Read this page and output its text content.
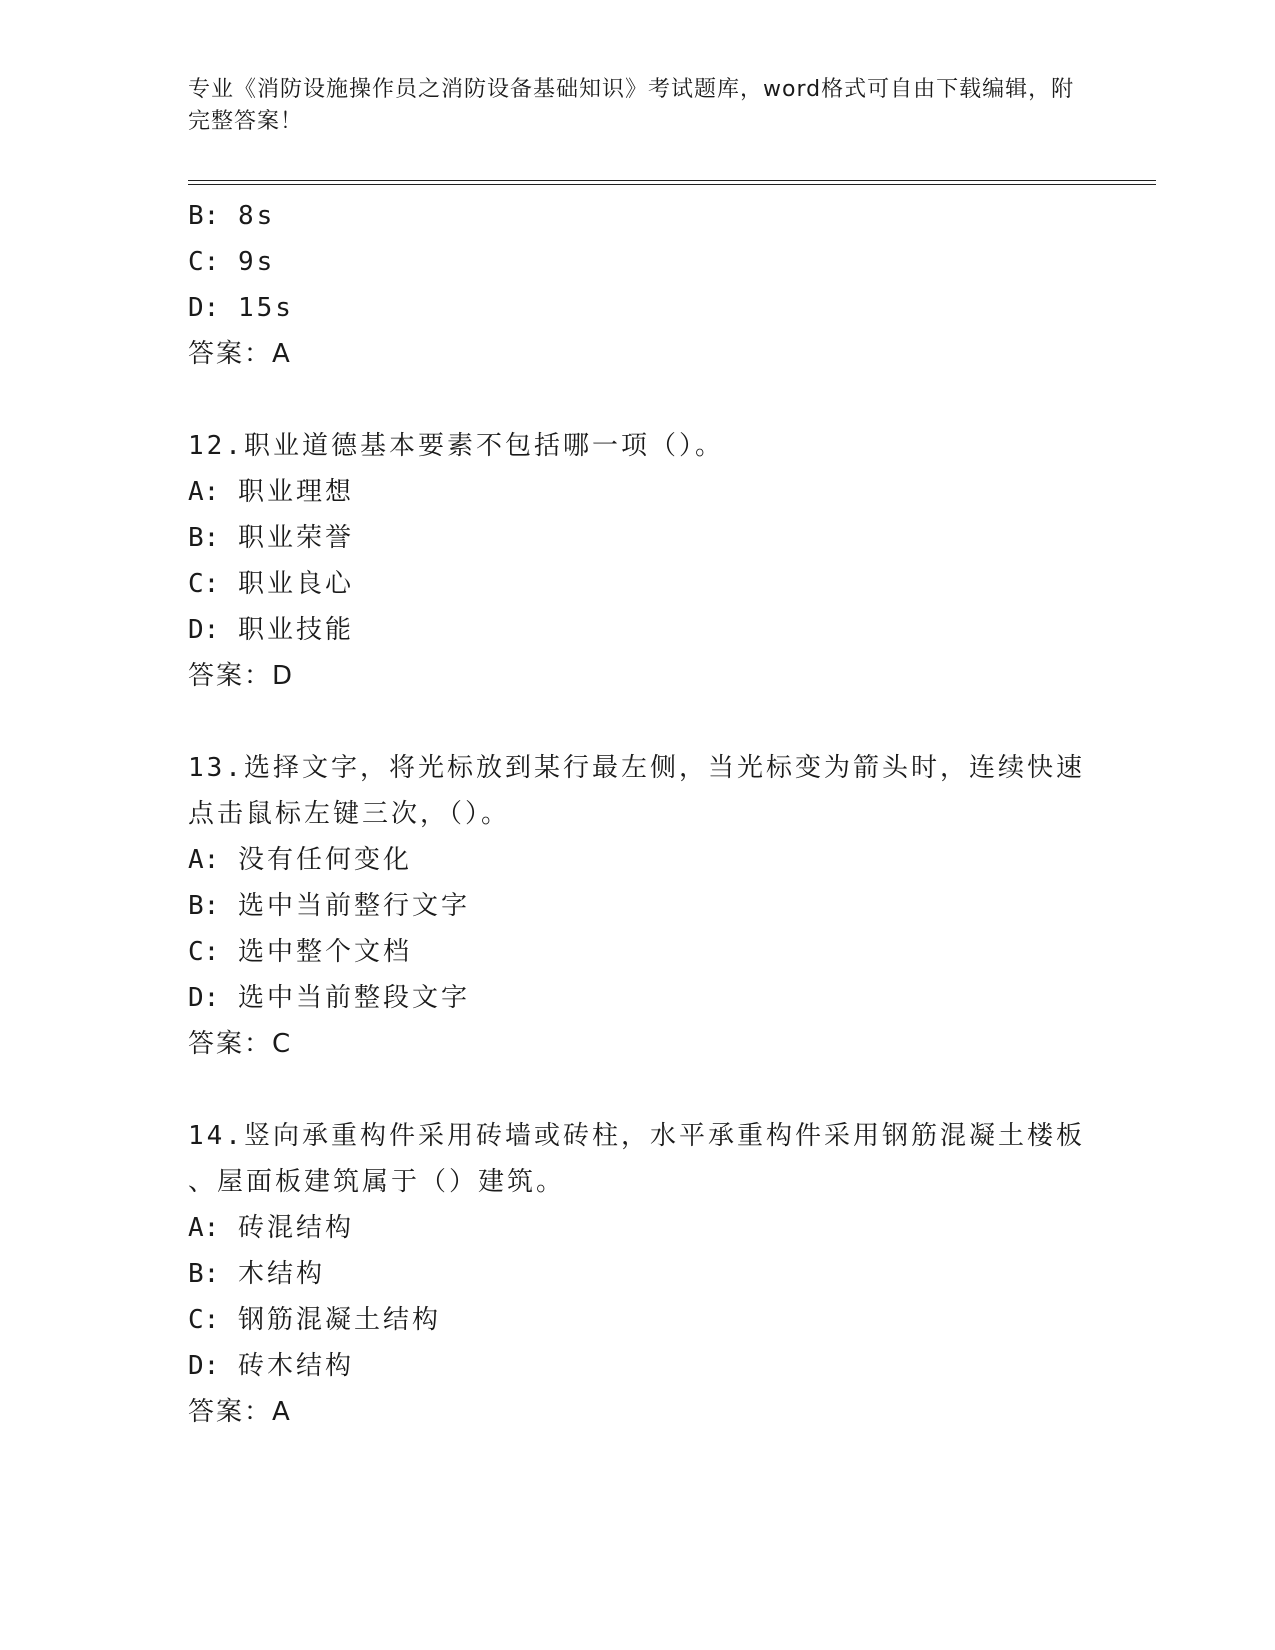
专业《消防设施操作员之消防设备基础知识》考试题库，word格式可自由下载编辑，附完整答案！
B: 8s
C: 9s
D: 15s
答案：A
12.职业道德基本要素不包括哪一项（）。
A: 职业理想
B: 职业荣誉
C: 职业良心
D: 职业技能
答案：D
13.选择文字，将光标放到某行最左侧，当光标变为箭头时，连续快速
点击鼠标左键三次，（）。
A: 没有任何变化
B: 选中当前整行文字
C: 选中整个文档
D: 选中当前整段文字
答案：C
14.竖向承重构件采用砖墙或砖柱，水平承重构件采用钢筋混凝土楼板
、屋面板建筑属于（）建筑。
A: 砖混结构
B: 木结构
C: 钢筋混凝土结构
D: 砖木结构
答案：A
